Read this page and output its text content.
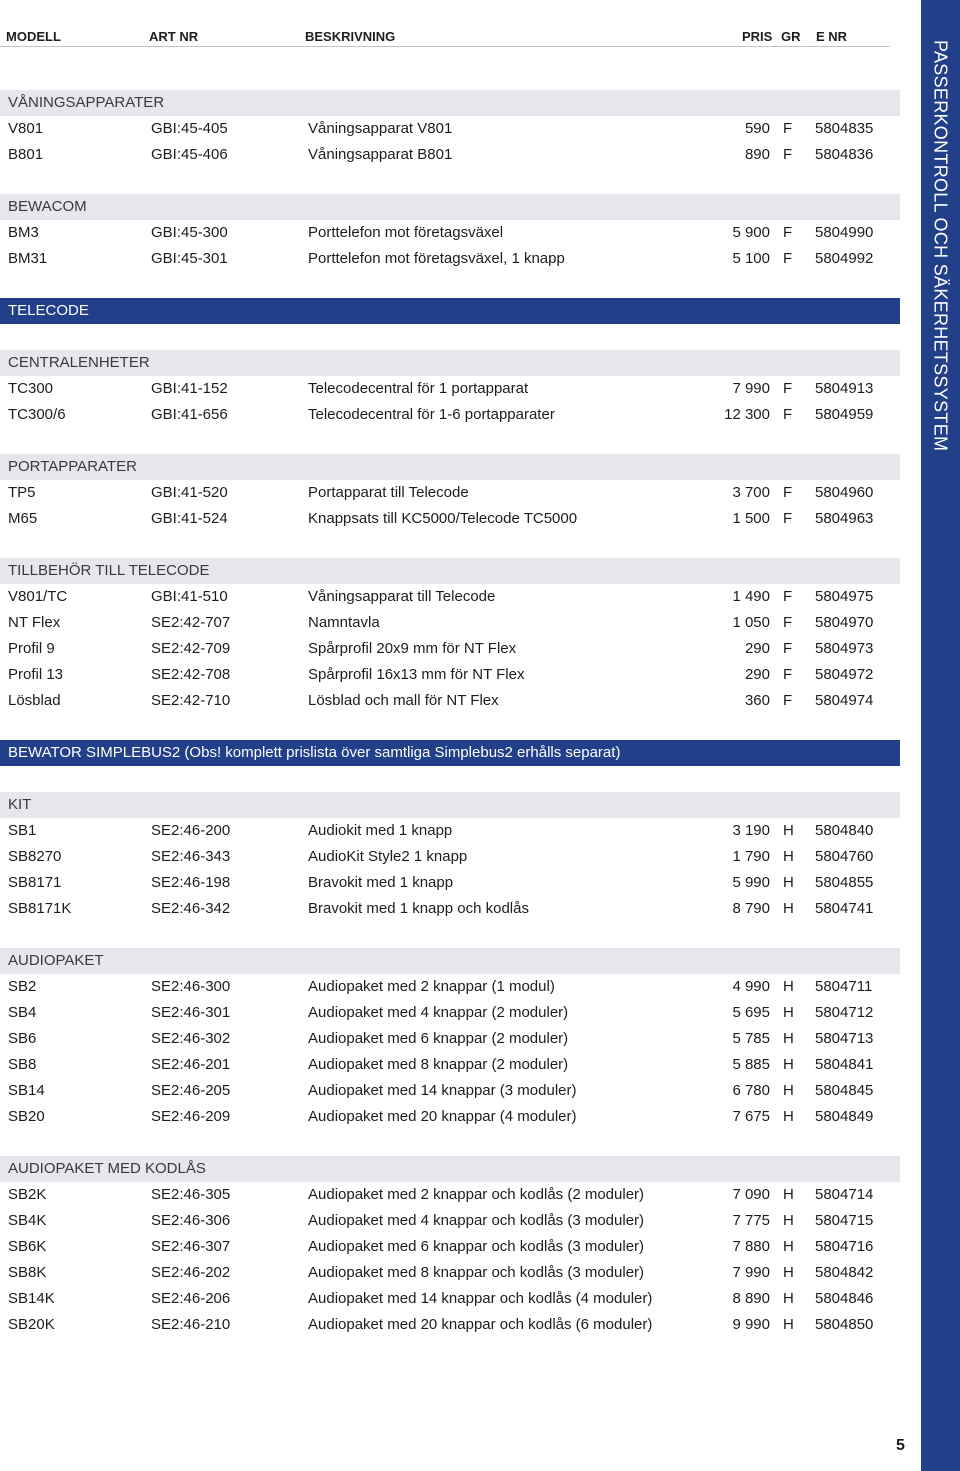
MODELL	ART NR	BESKRIVNING	PRIS GR E NR
VÅNINGSAPPARATER
V801	GBI:45-405	Våningsapparat V801	590 F 5804835
B801	GBI:45-406	Våningsapparat B801	890 F 5804836
BEWACOM
BM3	GBI:45-300	Porttelefon mot företagsväxel	5 900 F 5804990
BM31	GBI:45-301	Porttelefon mot företagsväxel, 1 knapp	5 100 F 5804992
TELECODE
CENTRALENHETER
TC300	GBI:41-152	Telecodecentral för 1 portapparat	7 990 F 5804913
TC300/6	GBI:41-656	Telecodecentral för 1-6 portapparater	12 300 F 5804959
PORTAPPARATER
TP5	GBI:41-520	Portapparat till Telecode	3 700 F 5804960
M65	GBI:41-524	Knappsats till KC5000/Telecode TC5000	1 500 F 5804963
TILLBEHÖR TILL TELECODE
V801/TC	GBI:41-510	Våningsapparat till Telecode	1 490 F 5804975
NT Flex	SE2:42-707	Namntavla	1 050 F 5804970
Profil 9	SE2:42-709	Spårprofil 20x9 mm för NT Flex	290 F 5804973
Profil 13	SE2:42-708	Spårprofil 16x13 mm för NT Flex	290 F 5804972
Lösblad	SE2:42-710	Lösblad och mall för NT Flex	360 F 5804974
BEWATOR SIMPLEBUS2 (Obs! komplett prislista över samtliga Simplebus2 erhålls separat)
KIT
SB1	SE2:46-200	Audiokit med 1 knapp	3 190 H 5804840
SB8270	SE2:46-343	AudioKit Style2 1 knapp	1 790 H 5804760
SB8171	SE2:46-198	Bravokit med 1 knapp	5 990 H 5804855
SB8171K	SE2:46-342	Bravokit med 1 knapp och kodlås	8 790 H 5804741
AUDIOPAKET
SB2	SE2:46-300	Audiopaket med 2 knappar (1 modul)	4 990 H 5804711
SB4	SE2:46-301	Audiopaket med 4 knappar (2 moduler)	5 695 H 5804712
SB6	SE2:46-302	Audiopaket med 6 knappar (2 moduler)	5 785 H 5804713
SB8	SE2:46-201	Audiopaket med 8 knappar (2 moduler)	5 885 H 5804841
SB14	SE2:46-205	Audiopaket med 14 knappar (3 moduler)	6 780 H 5804845
SB20	SE2:46-209	Audiopaket med 20 knappar (4 moduler)	7 675 H 5804849
AUDIOPAKET MED KODLÅS
SB2K	SE2:46-305	Audiopaket med 2 knappar och kodlås (2 moduler)	7 090 H 5804714
SB4K	SE2:46-306	Audiopaket med 4 knappar och kodlås (3 moduler)	7 775 H 5804715
SB6K	SE2:46-307	Audiopaket med 6 knappar och kodlås (3 moduler)	7 880 H 5804716
SB8K	SE2:46-202	Audiopaket med 8 knappar och kodlås (3 moduler)	7 990 H 5804842
SB14K	SE2:46-206	Audiopaket med 14 knappar och kodlås (4 moduler)	8 890 H 5804846
SB20K	SE2:46-210	Audiopaket med 20 knappar och kodlås (6 moduler)	9 990 H 5804850
PASSERKONTROLL OCH SÄKERHETSSYSTEM
5
